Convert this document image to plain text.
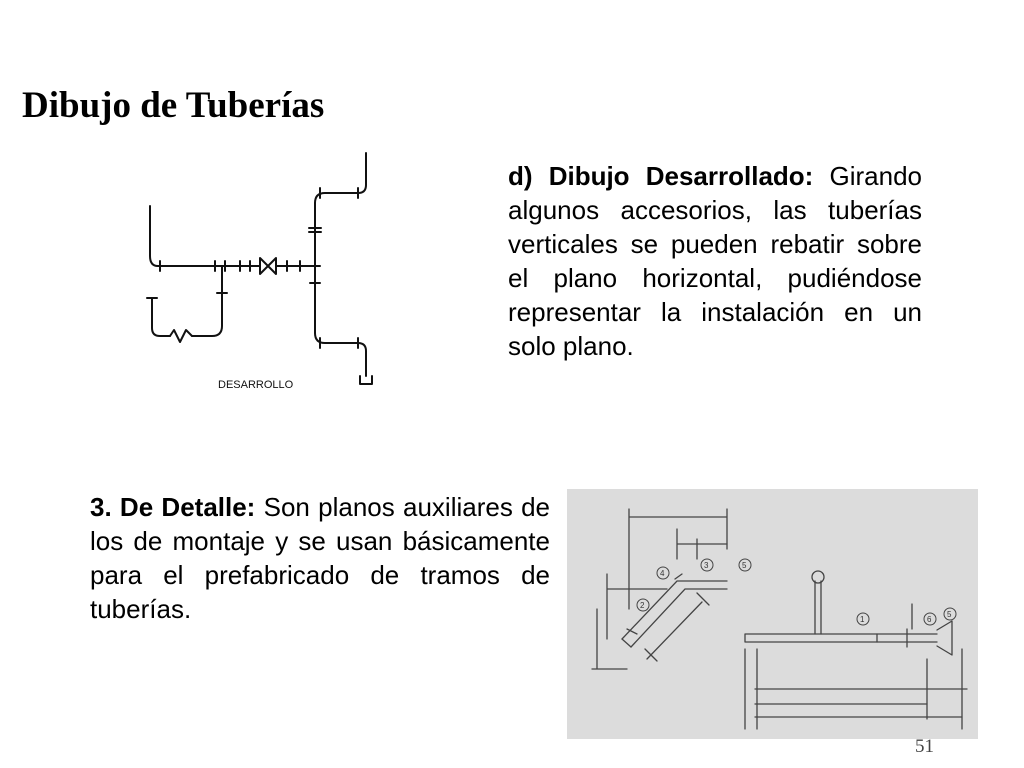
Dibujo de Tuberías
DESARROLLO

d) Dibujo Desarrollado: Girando algunos accesorios, las tuberías verticales se pueden rebatir sobre el plano horizontal, pudiéndose representar la instalación en un solo plano.

3. De Detalle: Son planos auxiliares de los de montaje y se usan básicamente para el prefabricado de tramos de tuberías.

4
3	5
2
1	6
5
51
